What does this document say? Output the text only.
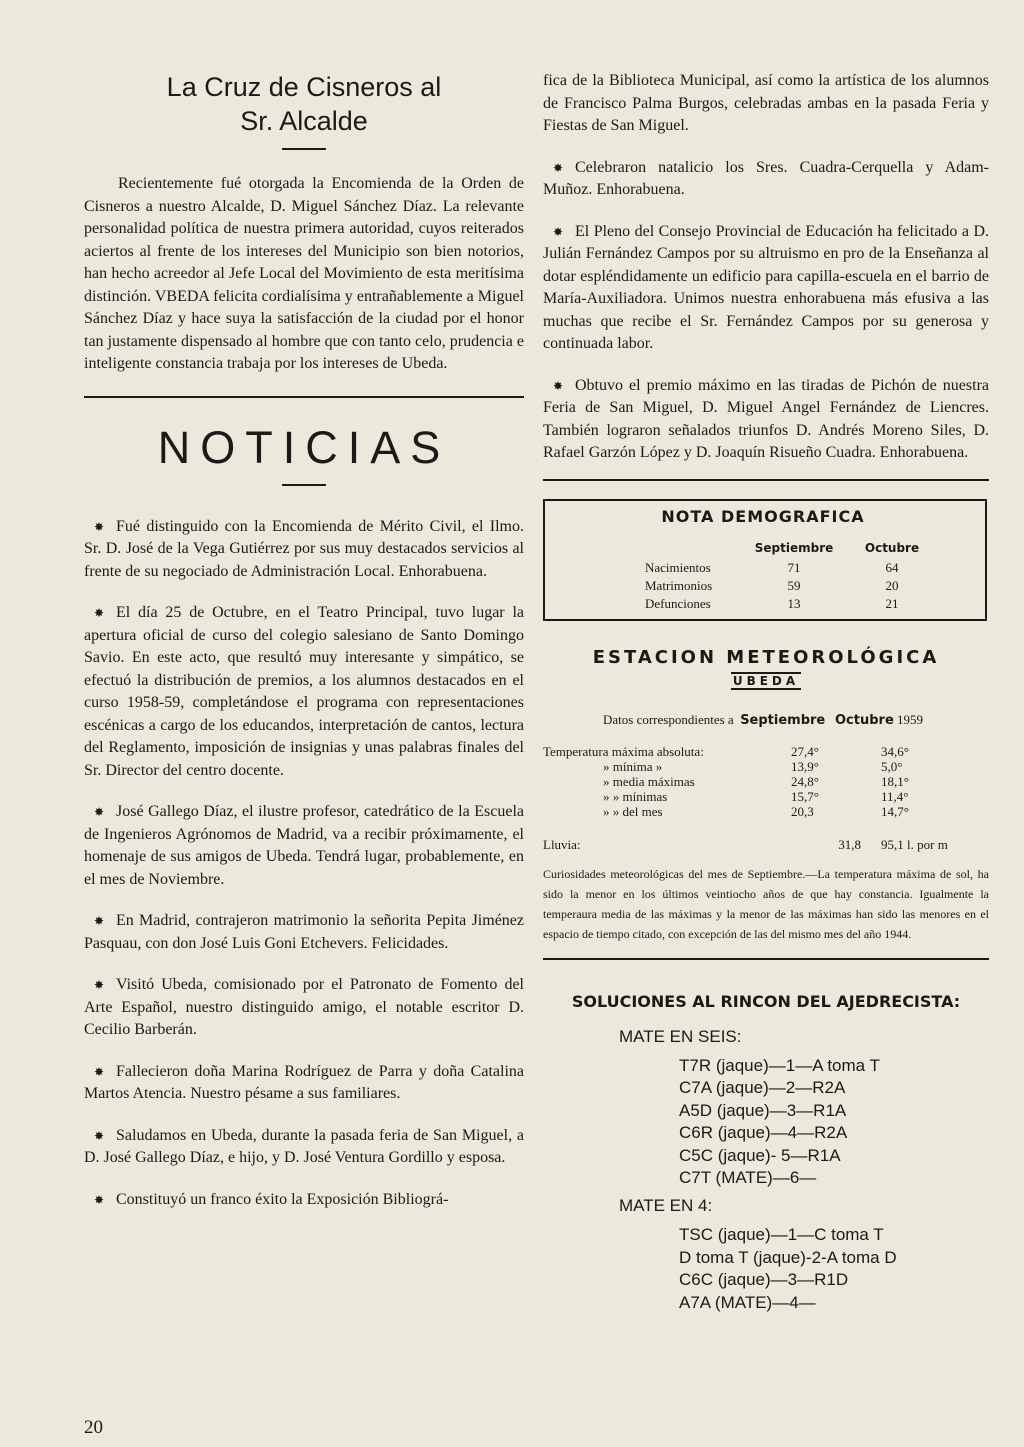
La Cruz de Cisneros al
Sr. Alcalde

Recientemente fué otorgada la Encomienda de la Orden de Cisneros a nuestro Alcalde, D. Miguel Sánchez Díaz. La relevante personalidad política de nuestra primera autoridad, cuyos reiterados aciertos al frente de los intereses del Municipio son bien notorios, han hecho acreedor al Jefe Local del Movimiento de esta meritísima distinción. VBEDA felicita cordialísima y entrañablemente a Miguel Sánchez Díaz y hace suya la satisfacción de la ciudad por el honor tan justamente dispensado al hombre que con tanto celo, prudencia e inteligente constancia trabaja por los intereses de Ubeda.

NOTICIAS

✸ Fué distinguido con la Encomienda de Mérito Civil, el Ilmo. Sr. D. José de la Vega Gutiérrez por sus muy destacados servicios al frente de su negociado de Administración Local. Enhorabuena.

✸ El día 25 de Octubre, en el Teatro Principal, tuvo lugar la apertura oficial de curso del colegio salesiano de Santo Domingo Savio. En este acto, que resultó muy interesante y simpático, se efectuó la distribución de premios, a los alumnos destacados en el curso 1958-59, completándose el programa con representaciones escénicas a cargo de los educandos, interpretación de cantos, lectura del Reglamento, imposición de insignias y unas palabras finales del Sr. Director del centro docente.

✸ José Gallego Díaz, el ilustre profesor, catedrático de la Escuela de Ingenieros Agrónomos de Madrid, va a recibir próximamente, el homenaje de sus amigos de Ubeda. Tendrá lugar, probablemente, en el mes de Noviembre.

✸ En Madrid, contrajeron matrimonio la señorita Pepita Jiménez Pasquau, con don José Luis Goni Etchevers. Felicidades.

✸ Visitó Ubeda, comisionado por el Patronato de Fomento del Arte Español, nuestro distinguido amigo, el notable escritor D. Cecilio Barberán.

✸ Fallecieron doña Marina Rodríguez de Parra y doña Catalina Martos Atencia. Nuestro pésame a sus familiares.

✸ Saludamos en Ubeda, durante la pasada feria de San Miguel, a D. José Gallego Díaz, e hijo, y D. José Ventura Gordillo y esposa.

✸ Constituyó un franco éxito la Exposición Bibliográ-

fica de la Biblioteca Municipal, así como la artística de los alumnos de Francisco Palma Burgos, celebradas ambas en la pasada Feria y Fiestas de San Miguel.

✸ Celebraron natalicio los Sres. Cuadra-Cerquella y Adam-Muñoz. Enhorabuena.

✸ El Pleno del Consejo Provincial de Educación ha felicitado a D. Julián Fernández Campos por su altruismo en pro de la Enseñanza al dotar espléndidamente un edificio para capilla-escuela en el barrio de María-Auxiliadora. Unimos nuestra enhorabuena más efusiva a las muchas que recibe el Sr. Fernández Campos por su generosa y continuada labor.

✸ Obtuvo el premio máximo en las tiradas de Pichón de nuestra Feria de San Miguel, D. Miguel Angel Fernández de Liencres. También lograron señalados triunfos D. Andrés Moreno Siles, D. Rafael Garzón López y D. Joaquín Risueño Cuadra. Enhorabuena.

NOTA DEMOGRAFICA
	Septiembre	Octubre
Nacimientos	71	64
Matrimonios	59	20
Defunciones	13	21
ESTACION METEOROLÓGICA
UBEDA
Datos correspondientes a Septiembre Octubre 1959
Temperatura máxima absoluta:	27,4°	34,6°
» mínima »	13,9°	5,0°
» media máximas	24,8°	18,1°
» » mínimas	15,7°	11,4°
» » del mes	20,3	14,7°
Lluvia:	31,8	95,1 l. por m

Curiosidades meteorológicas del mes de Septiembre.—La temperatura máxima de sol, ha sido la menor en los últimos veintiocho años de que hay constancia. Igualmente la temperaura media de las máximas y la menor de las máximas han sido las menores en el espacio de tiempo citado, con excepción de las del mismo mes del año 1944.

SOLUCIONES AL RINCON DEL AJEDRECISTA:
MATE EN SEIS:
T7R (jaque)—1—A toma T
C7A (jaque)—2—R2A
A5D (jaque)—3—R1A
C6R (jaque)—4—R2A
C5C (jaque)- 5—R1A
C7T (MATE)—6—
MATE EN 4:
TSC (jaque)—1—C toma T
D toma T (jaque)-2-A toma D
C6C (jaque)—3—R1D
A7A (MATE)—4—
20
